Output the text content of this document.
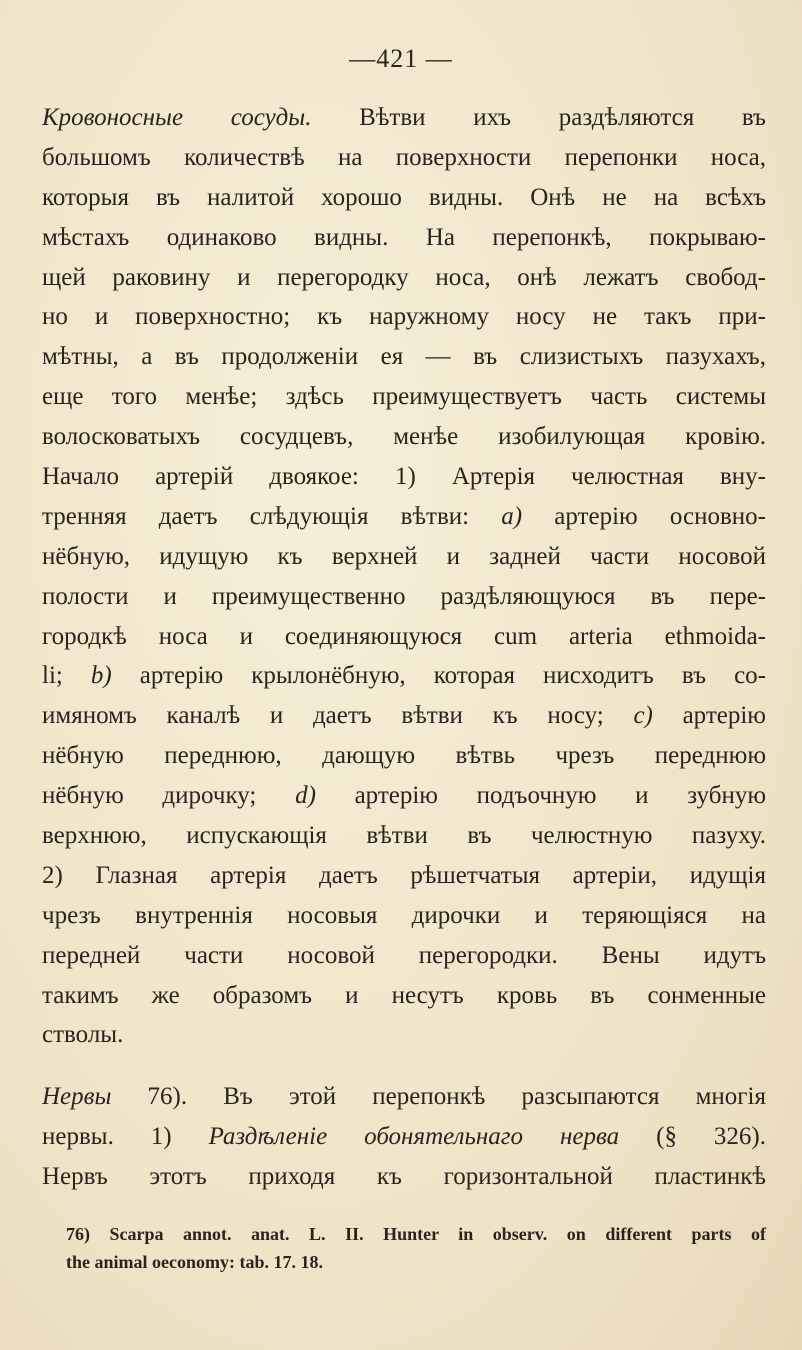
—421 —
Кровоносные сосуды. Вѣтви ихъ раздѣляются въ
большомъ количествѣ на поверхности перепонки носа,
которыя въ налитой хорошо видны. Онѣ не на всѣхъ
мѣстахъ одинаково видны. На перепонкѣ, покрываю-
щей раковину и перегородку носа, онѣ лежатъ свобод-
но и поверхностно; къ наружному носу не такъ при-
мѣтны, а въ продолженіи ея — въ слизистыхъ пазухахъ,
еще того менѣе; здѣсь преимуществуетъ часть системы
волосковатыхъ сосудцевъ, менѣе изобилующая кровію.
Начало артерій двоякое: 1) Артерія челюстная вну-
тренняя даетъ слѣдующія вѣтви: a) артерію основно-
нёбную, идущую къ верхней и задней части носовой
полости и преимущественно раздѣляющуюся въ пере-
городкѣ носа и соединяющуюся cum arteria ethmoida-
li; b) артерію крылонёбную, которая нисходитъ въ со-
имяномъ каналѣ и даетъ вѣтви къ носу; c) артерію
нёбную переднюю, дающую вѣтвь чрезъ переднюю
нёбную дирочку; d) артерію подъочную и зубную
верхнюю, испускающія вѣтви въ челюстную пазуху.
2) Глазная артерія даетъ рѣшетчатыя артеріи, идущія
чрезъ внутреннія носовыя дирочки и теряющіяся на
передней части носовой перегородки. Вены идутъ
такимъ же образомъ и несутъ кровь въ сонменные
стволы.
Нервы 76). Въ этой перепонкѣ разсыпаются многія
нервы. 1) Раздѣленіе обонятельнаго нерва (§ 326).
Нервъ этотъ приходя къ горизонтальной пластинкѣ
76) Scarpa annot. anat. L. II. Hunter in observ. on different parts of
the animal oeconomy: tab. 17. 18.
